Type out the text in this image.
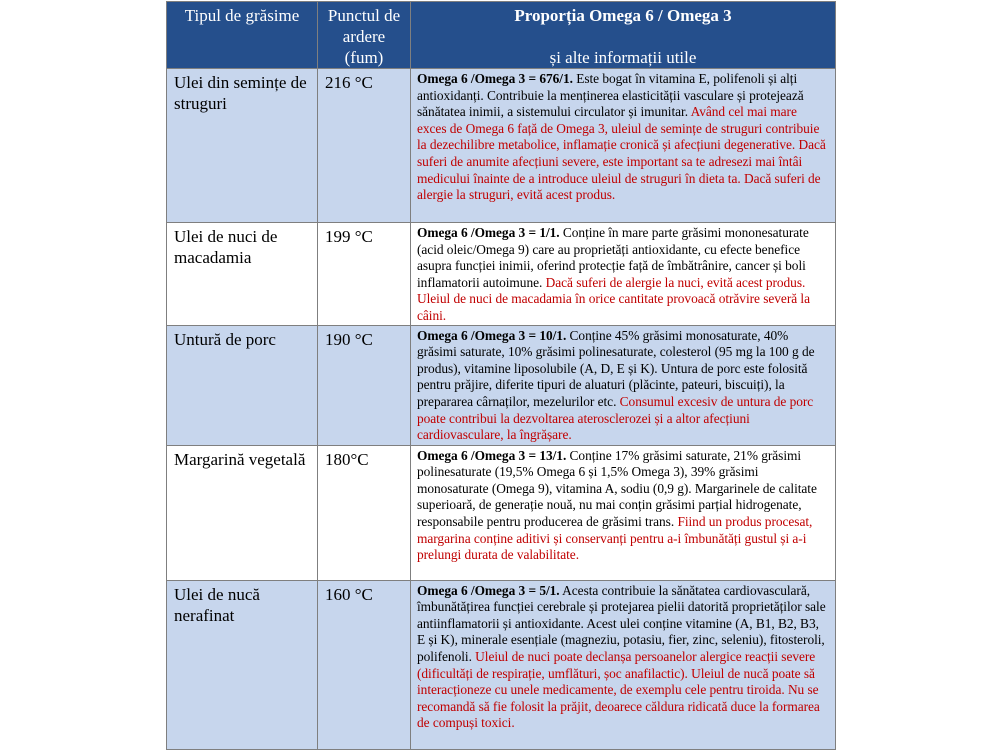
Tipul de grăsime	Punctul de ardere (fum)	Proporția Omega 6 / Omega 3
și alte informații utile

Ulei din semințe de struguri	216 °C	Omega 6 /Omega 3 = 676/1. Este bogat în vitamina E, polifenoli și alți antioxidanți. Contribuie la menținerea elasticității vasculare și protejează sănătatea inimii, a sistemului circulator și imunitar. Având cel mai mare exces de Omega 6 față de Omega 3, uleiul de semințe de struguri contribuie la dezechilibre metabolice, inflamație cronică și afecțiuni degenerative. Dacă suferi de anumite afecțiuni severe, este important sa te adresezi mai întâi medicului înainte de a introduce uleiul de struguri în dieta ta. Dacă suferi de alergie la struguri, evită acest produs.
Ulei de nuci de macadamia	199 °C	Omega 6 /Omega 3 = 1/1. Conține în mare parte grăsimi mononesaturate (acid oleic/Omega 9) care au proprietăți antioxidante, cu efecte benefice asupra funcției inimii, oferind protecție față de îmbătrânire, cancer și boli inflamatorii autoimune. Dacă suferi de alergie la nuci, evită acest produs. Uleiul de nuci de macadamia în orice cantitate provoacă otrăvire severă la câini.
Untură de porc	190 °C	Omega 6 /Omega 3 = 10/1. Conține 45% grăsimi monosaturate, 40% grăsimi saturate, 10% grăsimi polinesaturate, colesterol (95 mg la 100 g de produs), vitamine liposolubile (A, D, E și K). Untura de porc este folosită pentru prăjire, diferite tipuri de aluaturi (plăcinte, pateuri, biscuiți), la prepararea cârnaților, mezelurilor etc. Consumul excesiv de untura de porc poate contribui la dezvoltarea aterosclerozei și a altor afecțiuni cardiovasculare, la îngrășare.
Margarină vegetală	180°C	Omega 6 /Omega 3 = 13/1. Conține 17% grăsimi saturate, 21% grăsimi polinesaturate (19,5% Omega 6 și 1,5% Omega 3), 39% grăsimi monosaturate (Omega 9), vitamina A, sodiu (0,9 g). Margarinele de calitate superioară, de generație nouă, nu mai conțin grăsimi parțial hidrogenate, responsabile pentru producerea de grăsimi trans. Fiind un produs procesat, margarina conține aditivi și conservanți pentru a-i îmbunătăți gustul și a-i prelungi durata de valabilitate.
Ulei de nucă nerafinat	160 °C	Omega 6 /Omega 3 = 5/1. Acesta contribuie la sănătatea cardiovasculară, îmbunătățirea funcției cerebrale și protejarea pielii datorită proprietăților sale antiinflamatorii și antioxidante. Acest ulei conține vitamine (A, B1, B2, B3, E și K), minerale esențiale (magneziu, potasiu, fier, zinc, seleniu), fitosteroli, polifenoli. Uleiul de nuci poate declanșa persoanelor alergice reacții severe (dificultăți de respirație, umflături, șoc anafilactic). Uleiul de nucă poate să interacționeze cu unele medicamente, de exemplu cele pentru tiroida. Nu se recomandă să fie folosit la prăjit, deoarece căldura ridicată duce la formarea de compuși toxici.
